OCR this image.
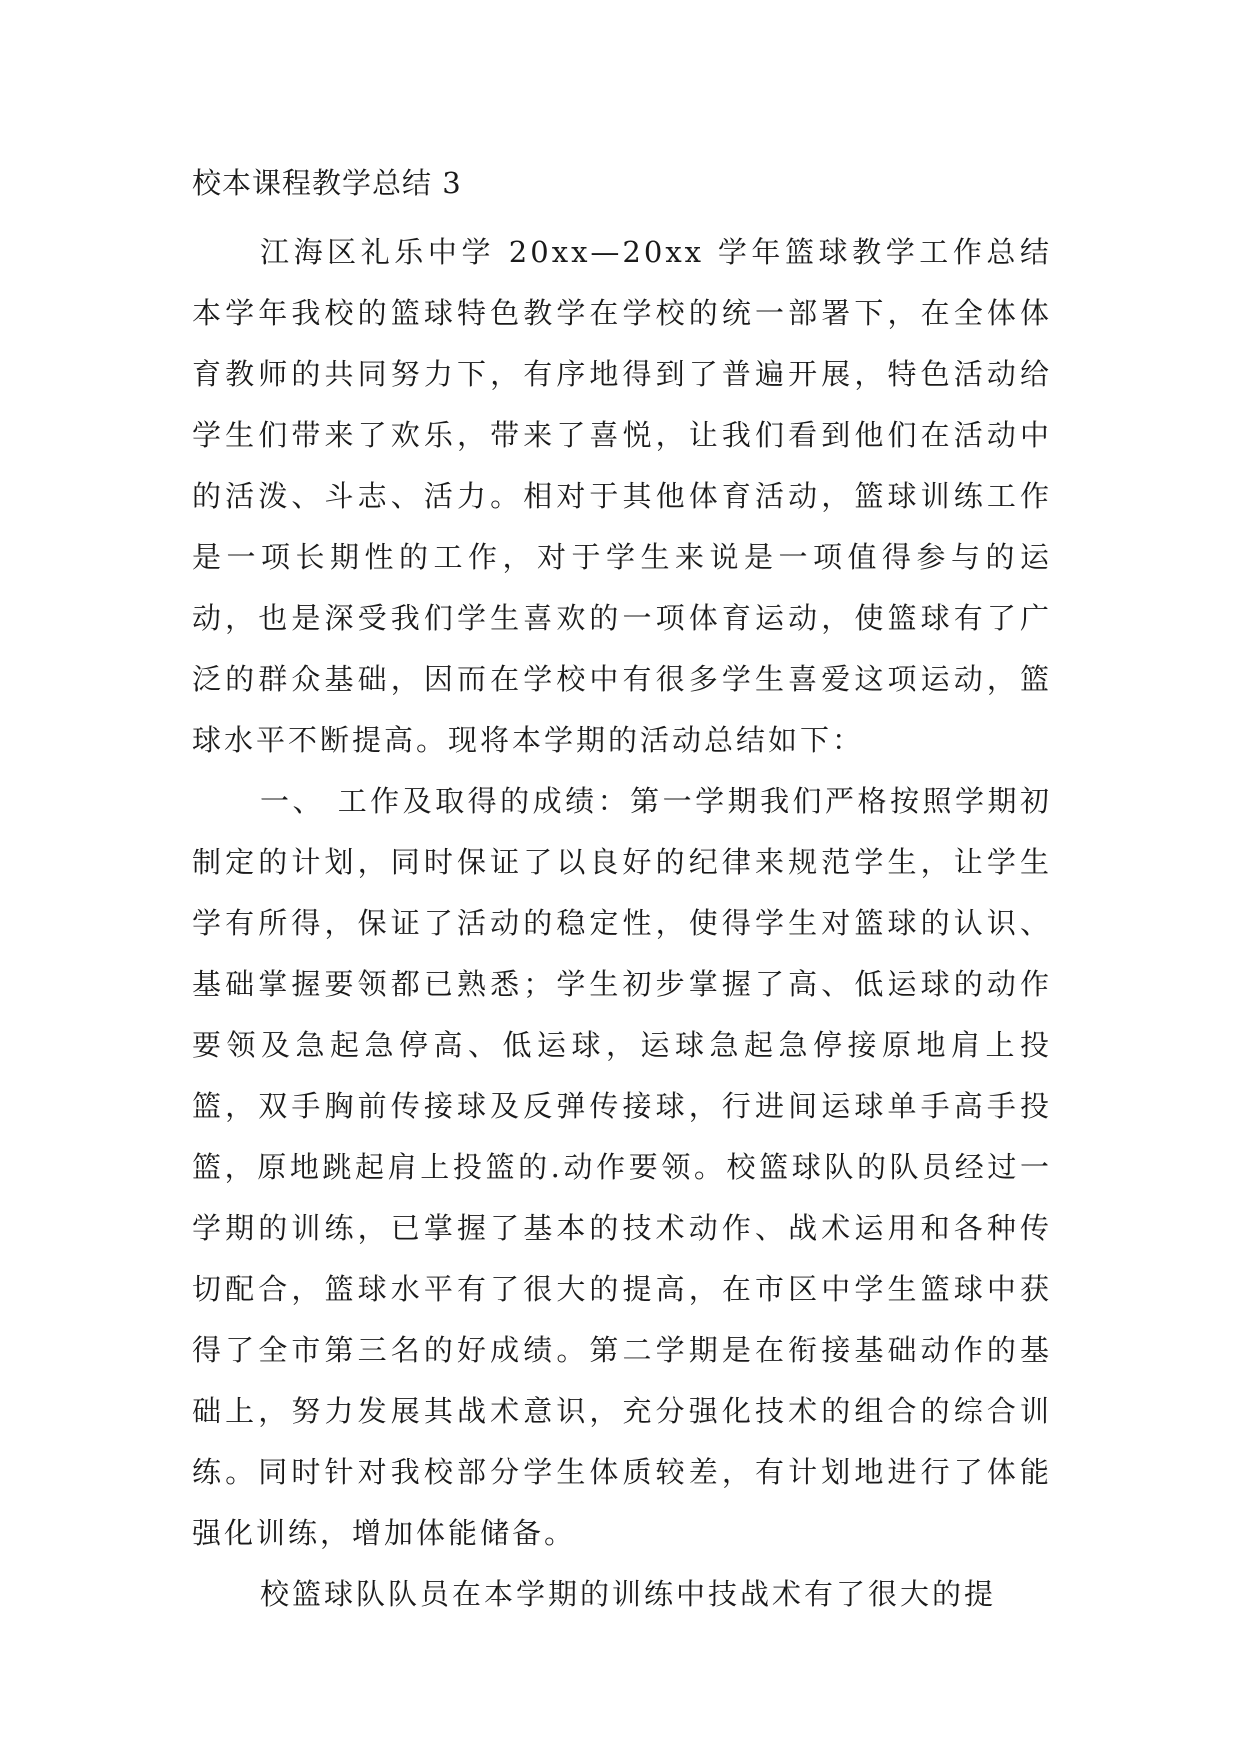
校本课程教学总结 3

江海区礼乐中学 20xx—20xx 学年篮球教学工作总结 本学年我校的篮球特色教学在学校的统一部署下，在全体体育教师的共同努力下，有序地得到了普遍开展，特色活动给学生们带来了欢乐，带来了喜悦，让我们看到他们在活动中的活泼、斗志、活力。相对于其他体育活动，篮球训练工作是一项长期性的工作，对于学生来说是一项值得参与的运动，也是深受我们学生喜欢的一项体育运动，使篮球有了广泛的群众基础，因而在学校中有很多学生喜爱这项运动，篮球水平不断提高。现将本学期的活动总结如下：

一、 工作及取得的成绩：第一学期我们严格按照学期初制定的计划，同时保证了以良好的纪律来规范学生，让学生学有所得，保证了活动的稳定性，使得学生对篮球的认识、基础掌握要领都已熟悉；学生初步掌握了高、低运球的动作要领及急起急停高、低运球，运球急起急停接原地肩上投篮，双手胸前传接球及反弹传接球，行进间运球单手高手投篮，原地跳起肩上投篮的.动作要领。校篮球队的队员经过一学期的训练，已掌握了基本的技术动作、战术运用和各种传切配合，篮球水平有了很大的提高，在市区中学生篮球中获得了全市第三名的好成绩。第二学期是在衔接基础动作的基础上，努力发展其战术意识，充分强化技术的组合的综合训练。同时针对我校部分学生体质较差，有计划地进行了体能强化训练，增加体能储备。

校篮球队队员在本学期的训练中技战术有了很大的提
